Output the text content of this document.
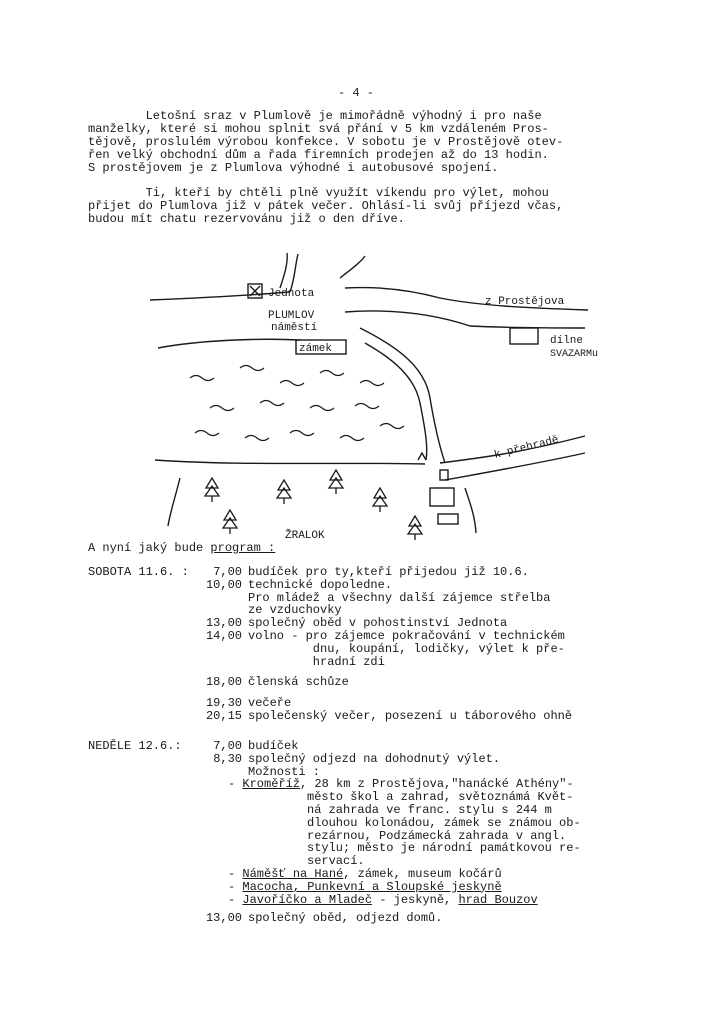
- 4 -
Letošní sraz v Plumlově je mimořádně výhodný i pro naše
manželky, které si mohou splnit svá přání v 5 km vzdáleném Pros-
tějově, proslulém výrobou konfekce. V sobotu je v Prostějově otev-
řen velký obchodní dům a řada firemních prodejen až do 13 hodin.
S prostějovem je z Plumlova výhodné i autobusové spojení.
Ti, kteří by chtěli plně využít víkendu pro výlet, mohou
přijet do Plumlova již v pátek večer. Ohlásí-li svůj příjezd včas,
budou mít chatu rezervovánu již o den dříve.
Jednota
PLUMLOV
náměstí
zámek
z Prostějova
dílne
SVAZARMu
k přehradě
ŽRALOK
A nyní jaký bude program :

SOBOTA 11.6. :	7,00 budíček pro ty,kteří přijedou již 10.6.
10,00 technické dopoledne.
Pro mládež a všechny další zájemce střelba
ze vzduchovky
13,00 společný oběd v pohostinství Jednota
14,00 volno - pro zájemce pokračování v technickém
dnu, koupání, lodičky, výlet k pře-
hradní zdi
18,00 členská schůze
19,30 večeře
20,15 společenský večer, posezení u táborového ohně
NEDĚLE 12.6.:	7,00 budíček
8,30 společný odjezd na dohodnutý výlet.
Možnosti :
- Kroměříž, 28 km z Prostějova,"hanácké Athény"-
město škol a zahrad, světoznámá Květ-
ná zahrada ve franc. stylu s 244 m
dlouhou kolonádou, zámek se známou ob-
rezárnou, Podzámecká zahrada v angl.
stylu; město je národní památkovou re-
servací.
- Náměšť na Hané, zámek, museum kočárů
- Macocha, Punkevní a Sloupské jeskyně
- Javoříčko a Mladeč - jeskyně, hrad Bouzov
13,00 společný oběd, odjezd domů.
